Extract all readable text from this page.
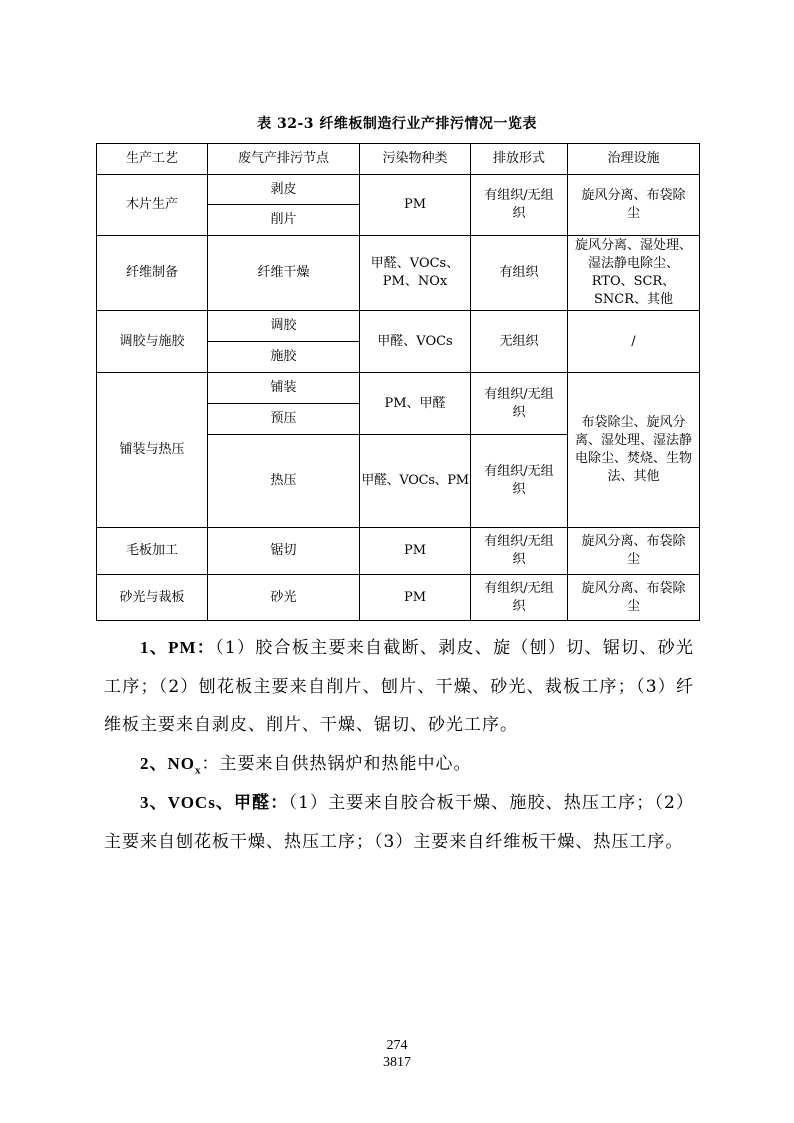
表 32-3 纤维板制造行业产排污情况一览表
生产工艺	废气产排污节点	污染物种类	排放形式	治理设施
木片生产	剥皮	PM	有组织/无组织	旋风分离、布袋除尘

	削片			
纤维制备	纤维干燥	甲醛、VOCs、PM、NOx	有组织	旋风分离、湿处理、湿法静电除尘、RTO、SCR、SNCR、其他

调胶与施胶	调胶	甲醛、VOCs	无组织	/
	施胶			
铺装与热压	铺装	PM、甲醛	有组织/无组织	布袋除尘、旋风分离、湿处理、湿法静电除尘、焚烧、生物法、其他

	预压			
	热压	甲醛、VOCs、PM	有组织/无组织	

毛板加工	锯切	PM	有组织/无组织	旋风分离、布袋除尘

砂光与裁板	砂光	PM	有组织/无组织	旋风分离、布袋除尘
1、PM：（1）胶合板主要来自截断、剥皮、旋（刨）切、锯切、砂光工序；（2）刨花板主要来自削片、刨片、干燥、砂光、裁板工序；（3）纤维板主要来自剥皮、削片、干燥、锯切、砂光工序。
2、$NO_x$：主要来自供热锅炉和热能中心。
3、VOCs、甲醛：（1）主要来自胶合板干燥、施胶、热压工序；（2）主要来自刨花板干燥、热压工序；（3）主要来自纤维板干燥、热压工序。
274
3817
